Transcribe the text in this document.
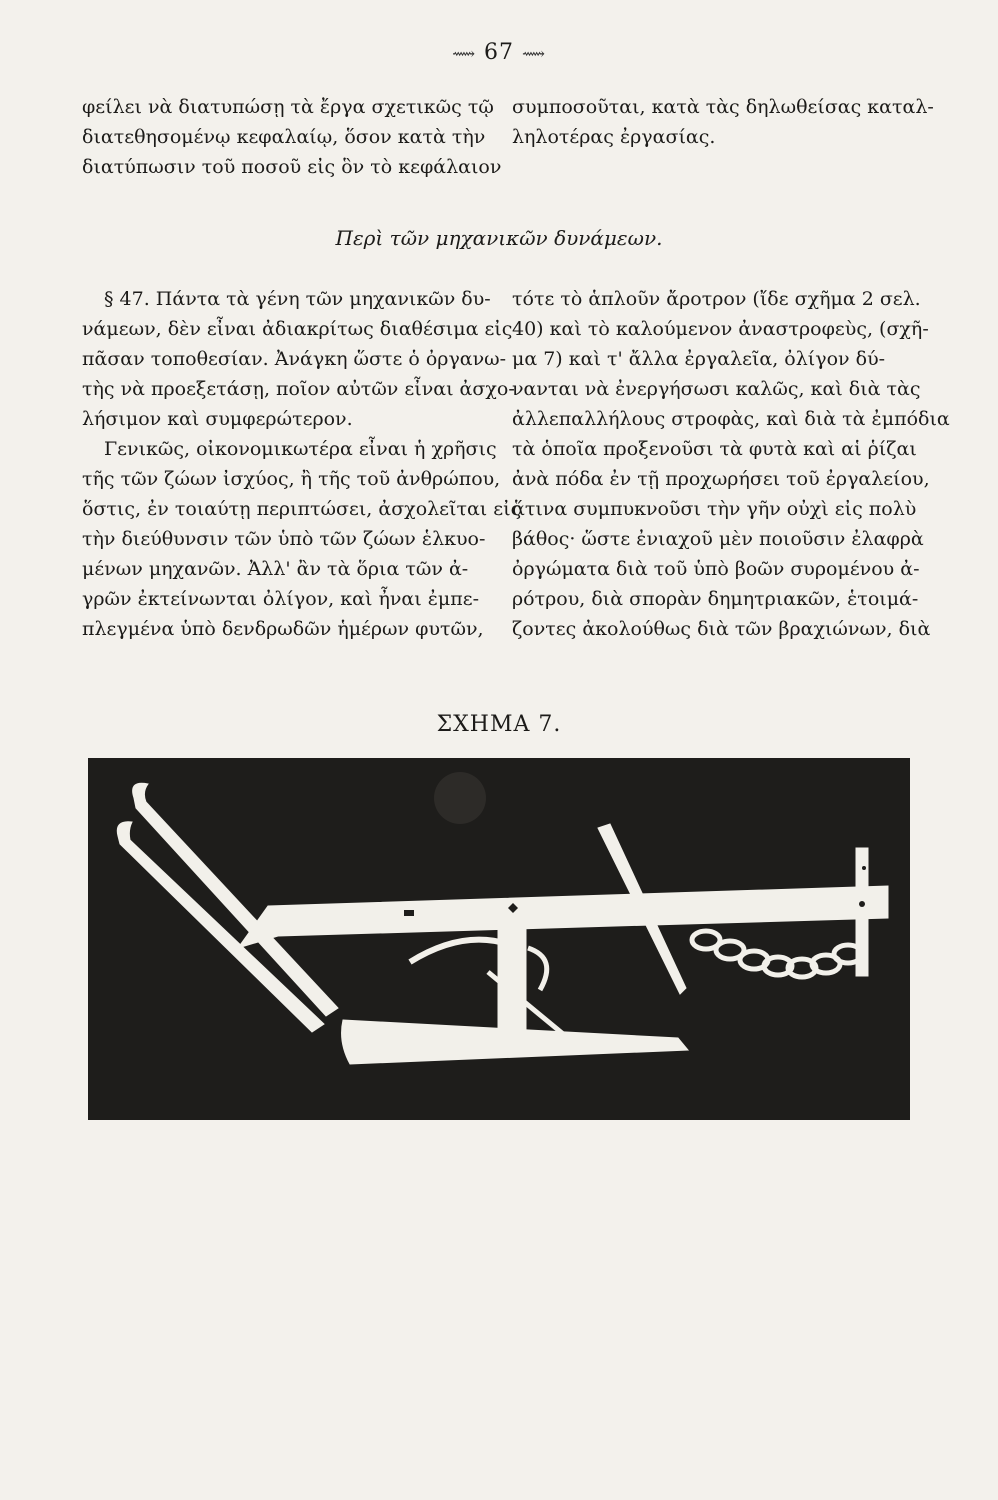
⟿ 67 ⟿
φείλει νὰ διατυπώσῃ τὰ ἔργα σχετικῶς τῷ
διατεθησομένῳ κεφαλαίῳ, ὅσον κατὰ τὴν
διατύπωσιν τοῦ ποσοῦ εἰς ὃν τὸ κεφάλαιον
συμποσοῦται, κατὰ τὰς δηλωθείσας καταλ-
ληλοτέρας ἐργασίας.
Περὶ τῶν μηχανικῶν δυνάμεων.
§ 47. Πάντα τὰ γένη τῶν μηχανικῶν δυ-
νάμεων, δὲν εἶναι ἀδιακρίτως διαθέσιμα εἰς
πᾶσαν τοποθεσίαν. Ἀνάγκη ὥστε ὁ ὀργανω-
τὴς νὰ προεξετάσῃ, ποῖον αὐτῶν εἶναι ἀσχο-
λήσιμον καὶ συμφερώτερον.
Γενικῶς, οἰκονομικωτέρα εἶναι ἡ χρῆσις
τῆς τῶν ζώων ἰσχύος, ἢ τῆς τοῦ ἀνθρώπου,
ὅστις, ἐν τοιαύτῃ περιπτώσει, ἀσχολεῖται εἰς
τὴν διεύθυνσιν τῶν ὑπὸ τῶν ζώων ἑλκυο-
μένων μηχανῶν. Ἀλλ' ἂν τὰ ὅρια τῶν ἀ-
γρῶν ἐκτείνωνται ὀλίγον, καὶ ἦναι ἐμπε-
πλεγμένα ὑπὸ δενδρωδῶν ἡμέρων φυτῶν,
τότε τὸ ἁπλοῦν ἄροτρον (ἴδε σχῆμα 2 σελ.
40) καὶ τὸ καλούμενον ἀναστροφεὺς, (σχῆ-
μα 7) καὶ τ' ἄλλα ἐργαλεῖα, ὀλίγον δύ-
νανται νὰ ἐνεργήσωσι καλῶς, καὶ διὰ τὰς
ἀλλεπαλλήλους στροφὰς, καὶ διὰ τὰ ἐμπόδια
τὰ ὁποῖα προξενοῦσι τὰ φυτὰ καὶ αἱ ῥίζαι
ἀνὰ πόδα ἐν τῇ προχωρήσει τοῦ ἐργαλείου,
ἅτινα συμπυκνοῦσι τὴν γῆν οὐχὶ εἰς πολὺ
βάθος· ὥστε ἐνιαχοῦ μὲν ποιοῦσιν ἐλαφρὰ
ὀργώματα διὰ τοῦ ὑπὸ βοῶν συρομένου ἀ-
ρότρου, διὰ σπορὰν δημητριακῶν, ἑτοιμά-
ζοντες ἀκολούθως διὰ τῶν βραχιώνων, διὰ
ΣΧΗΜΑ 7.
